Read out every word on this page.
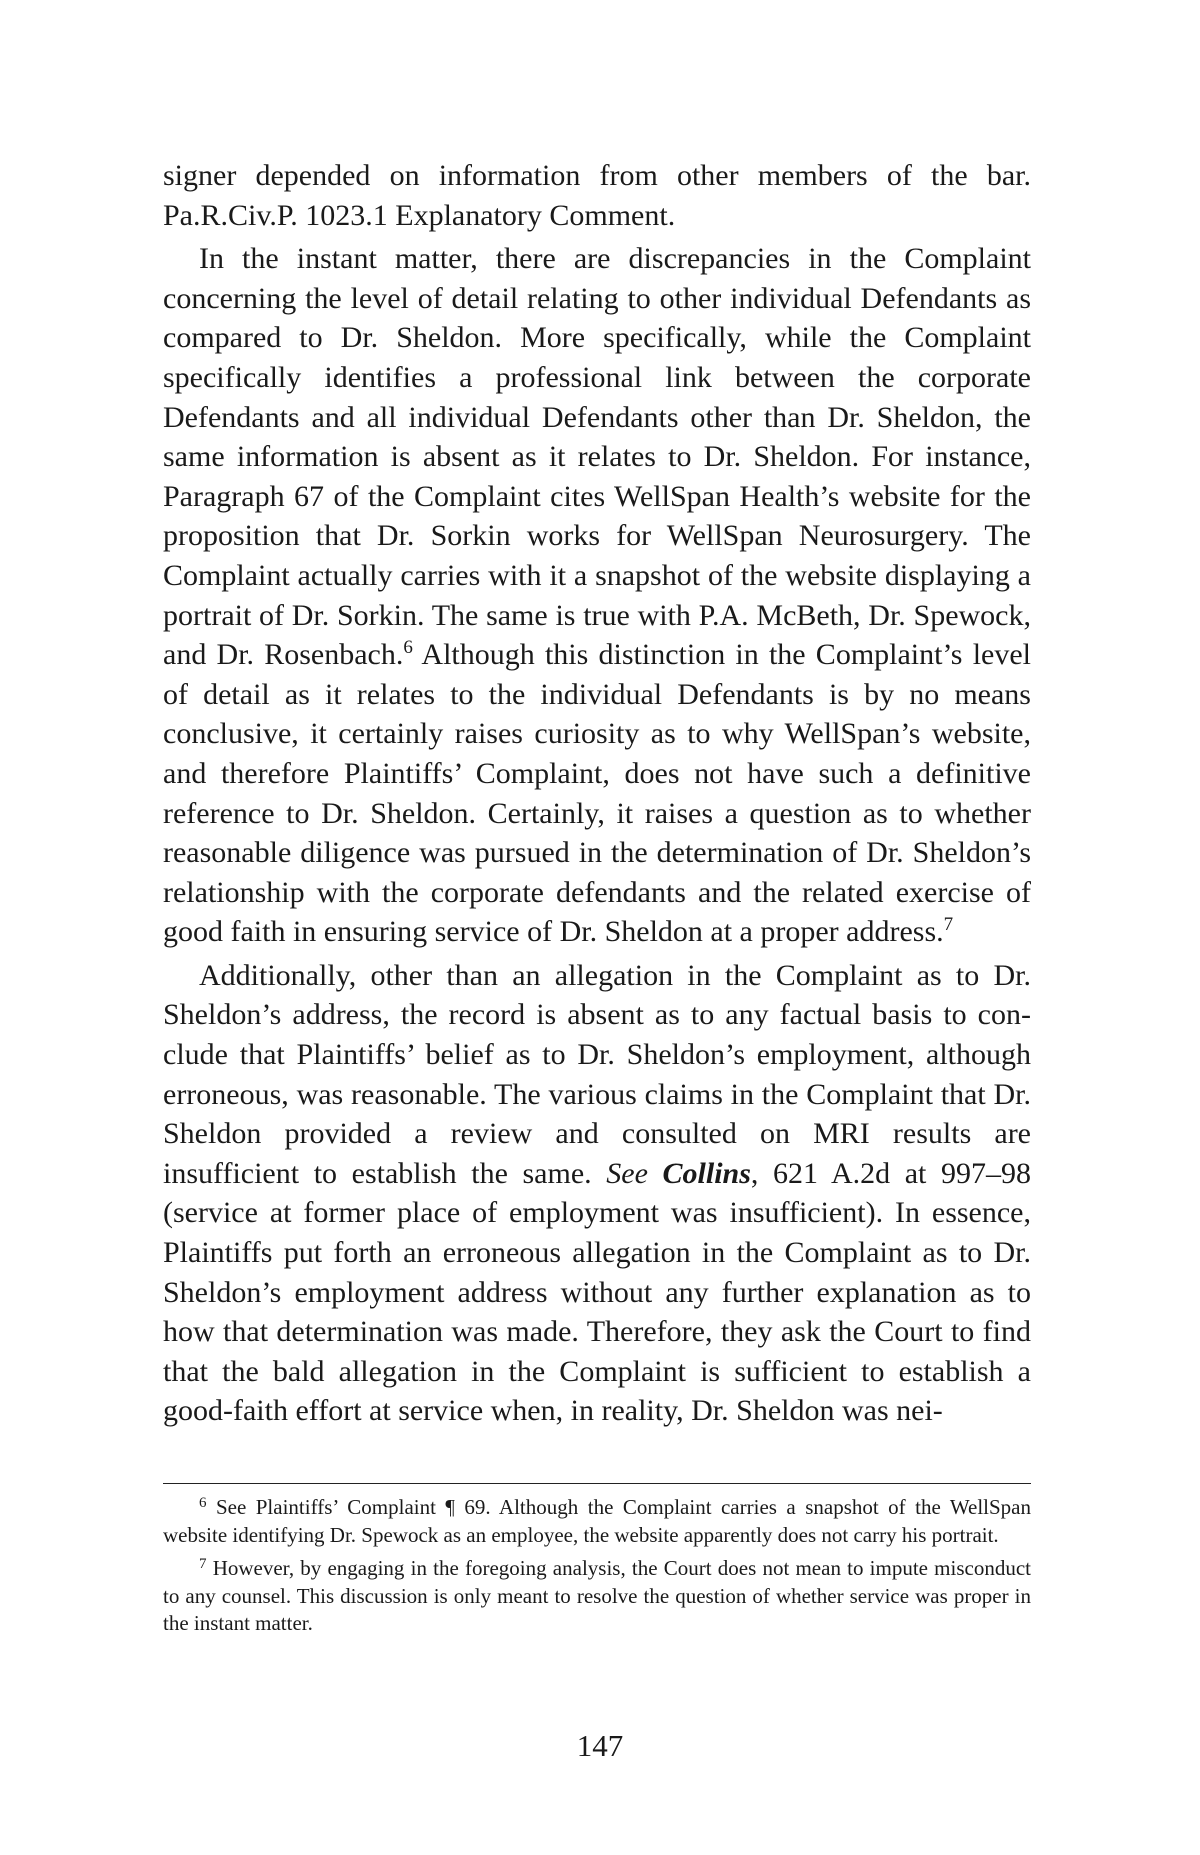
signer depended on information from other members of the bar. Pa.R.Civ.P. 1023.1 Explanatory Comment.

In the instant matter, there are discrepancies in the Complaint concerning the level of detail relating to other individual Defendants as compared to Dr. Sheldon. More specifically, while the Complaint specifically identifies a professional link between the corporate Defendants and all individual Defendants other than Dr. Sheldon, the same information is absent as it relates to Dr. Sheldon. For instance, Paragraph 67 of the Complaint cites WellSpan Health’s website for the proposition that Dr. Sorkin works for WellSpan Neurosurgery. The Complaint actually carries with it a snapshot of the website displaying a portrait of Dr. Sorkin. The same is true with P.A. McBeth, Dr. Spewock, and Dr. Rosenbach.$^6$ Although this distinction in the Complaint’s level of detail as it relates to the individual Defendants is by no means conclusive, it certainly raises curiosity as to why WellSpan’s website, and therefore Plaintiffs’ Complaint, does not have such a definitive reference to Dr. Sheldon. Certainly, it raises a question as to whether reasonable diligence was pursued in the determination of Dr. Sheldon’s relationship with the corporate defendants and the related exercise of good faith in ensuring service of Dr. Sheldon at a proper address.$^7$

Additionally, other than an allegation in the Complaint as to Dr. Sheldon’s address, the record is absent as to any factual basis to conclude that Plaintiffs’ belief as to Dr. Sheldon’s employment, although erroneous, was reasonable. The various claims in the Complaint that Dr. Sheldon provided a review and consulted on MRI results are insufficient to establish the same. See Collins, 621 A.2d at 997–98 (service at former place of employment was insufficient). In essence, Plaintiffs put forth an erroneous allegation in the Complaint as to Dr. Sheldon’s employment address without any further explanation as to how that determination was made. Therefore, they ask the Court to find that the bald allegation in the Complaint is sufficient to establish a good-faith effort at service when, in reality, Dr. Sheldon was nei-

$^6$ See Plaintiffs’ Complaint ¶ 69. Although the Complaint carries a snapshot of the WellSpan website identifying Dr. Spewock as an employee, the website apparently does not carry his portrait.

$^7$ However, by engaging in the foregoing analysis, the Court does not mean to impute misconduct to any counsel. This discussion is only meant to resolve the question of whether service was proper in the instant matter.

147
